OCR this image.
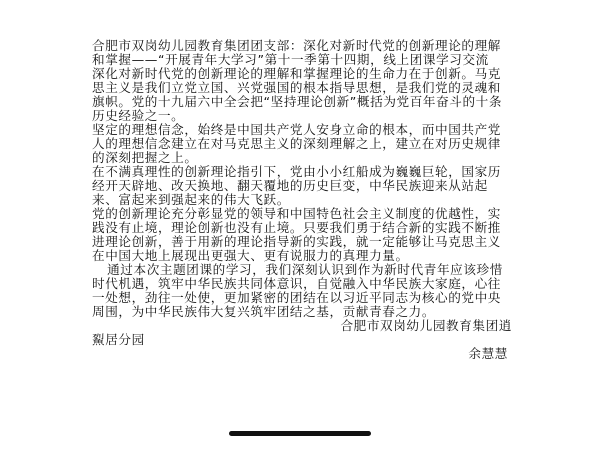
合肥市双岗幼儿园教育集团团支部：深化对新时代党的创新理论的理解和掌握——“开展青年大学习”第十一季第十四期，线上团课学习交流

深化对新时代党的创新理论的理解和掌握理论的生命力在于创新。马克思主义是我们立党立国、兴党强国的根本指导思想，是我们党的灵魂和旗帜。党的十九届六中全会把“坚持理论创新”概括为党百年奋斗的十条历史经验之一。

坚定的理想信念，始终是中国共产党人安身立命的根本，而中国共产党人的理想信念建立在对马克思主义的深刻理解之上，建立在对历史规律的深刻把握之上。

在不满真理性的创新理论指引下，党由小小红船成为巍巍巨轮，国家历经开天辟地、改天换地、翻天覆地的历史巨变，中华民族迎来从站起来、富起来到强起来的伟大飞跃。

党的创新理论充分彰显党的领导和中国特色社会主义制度的优越性，实践没有止境，理论创新也没有止境。只要我们勇于结合新的实践不断推进理论创新，善于用新的理论指导新的实践，就一定能够让马克思主义在中国大地上展现出更强大、更有说服力的真理力量。

通过本次主题团课的学习，我们深刻认识到作为新时代青年应该珍惜时代机遇，筑牢中华民族共同体意识，自觉融入中华民族大家庭，心往一处想，劲往一处使，更加紧密的团结在以习近平同志为核心的党中央周围，为中华民族伟大复兴筑牢团结之基，贡献青春之力。

合肥市双岗幼儿园教育集团逍

鮤居分园

余慧慧
